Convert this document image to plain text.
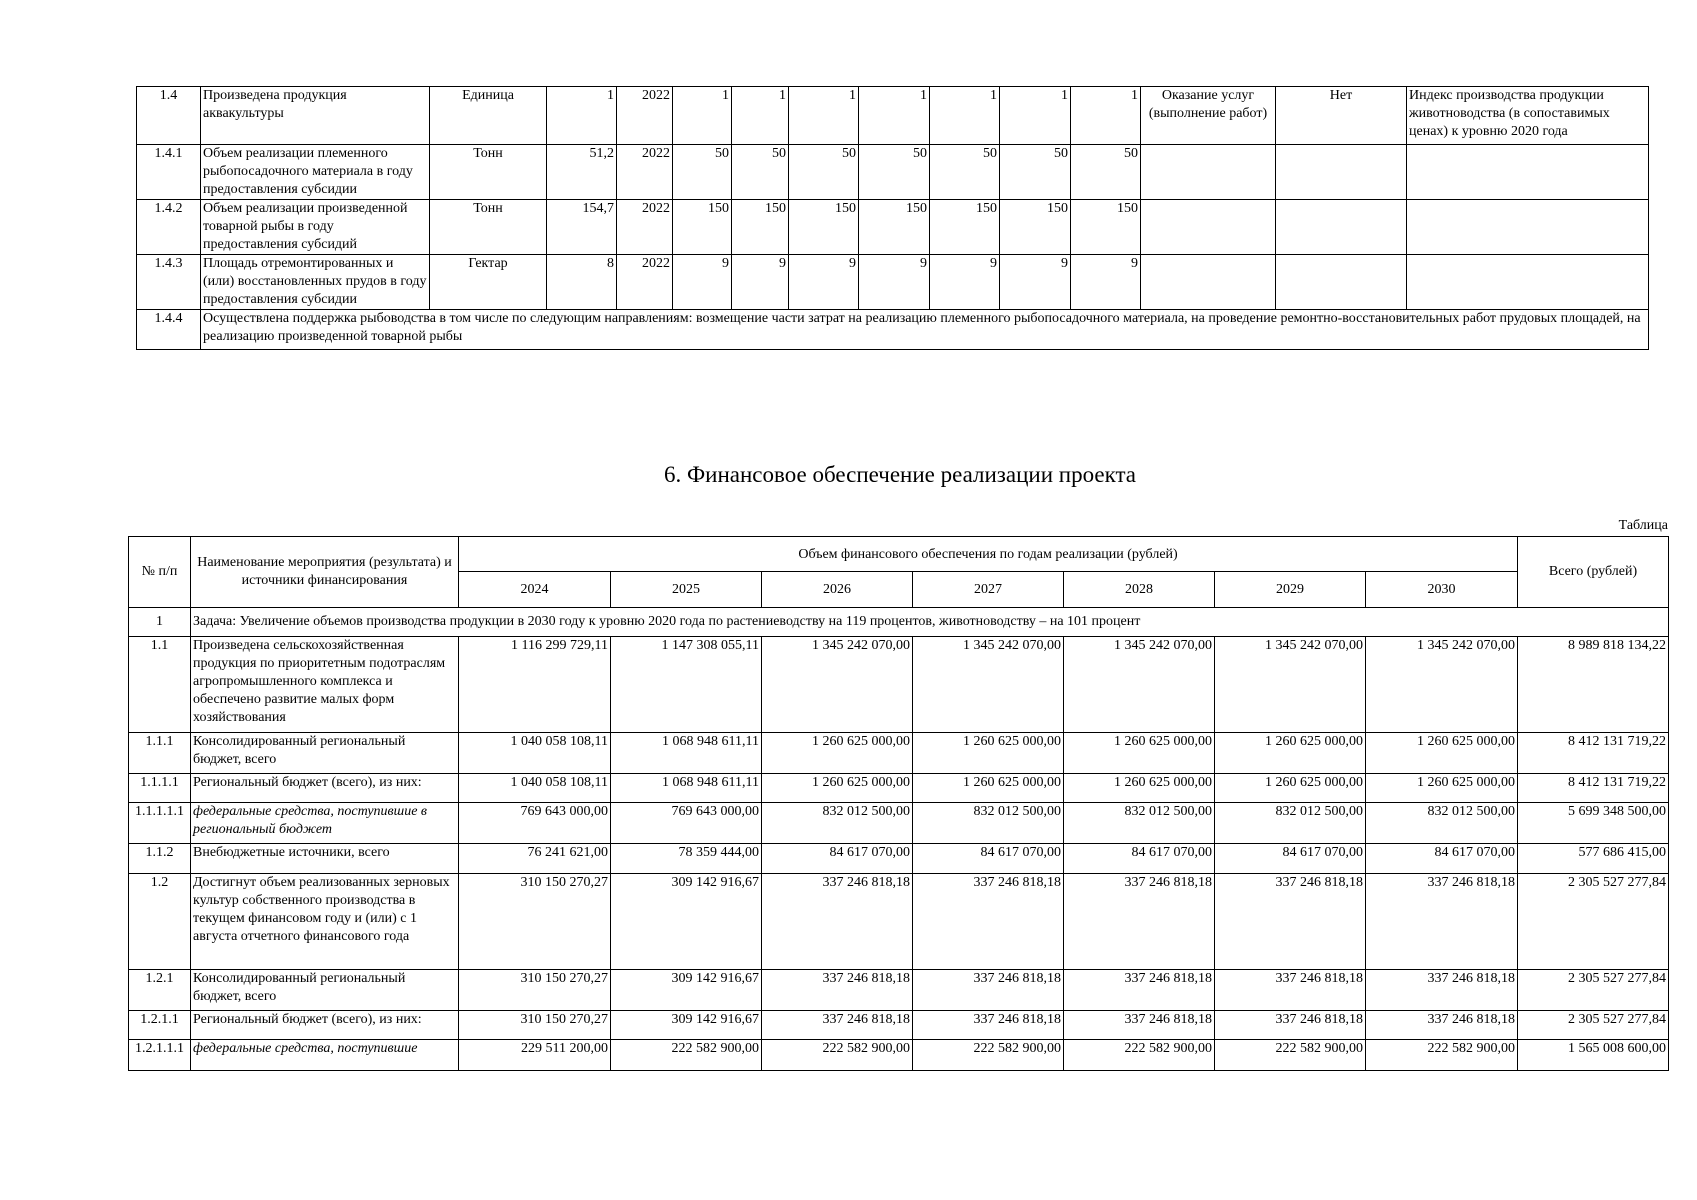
1.4	Произведена продукция аквакультуры	Единица	1	2022	1	1	1	1	1	1	1	Оказание услуг (выполнение работ)	Нет	Индекс производства продукции животноводства (в сопоставимых ценах) к уровню 2020 года
1.4.1	Объем реализации племенного рыбопосадочного материала в году предоставления субсидии	Тонн	51,2	2022	50	50	50	50	50	50	50			
1.4.2	Объем реализации произведенной товарной рыбы в году предоставления субсидий	Тонн	154,7	2022	150	150	150	150	150	150	150			
1.4.3	Площадь отремонтированных и (или) восстановленных прудов в году предоставления субсидии	Гектар	8	2022	9	9	9	9	9	9	9			
1.4.4	Осуществлена поддержка рыбоводства в том числе по следующим направлениям: возмещение части затрат на реализацию племенного рыбопосадочного материала, на проведение ремонтно-восстановительных работ прудовых площадей, на реализацию произведенной товарной рыбы													
6. Финансовое обеспечение реализации проекта
Таблица
№ п/п	Наименование мероприятия (результата) и источники финансирования	Объем финансового обеспечения по годам реализации (рублей)							Всего (рублей)
		2024	2025	2026	2027	2028	2029	2030	
1	Задача: Увеличение объемов производства продукции в 2030 году к уровню 2020 года по растениеводству на 119 процентов, животноводству – на 101 процент								
1.1	Произведена сельскохозяйственная продукция по приоритетным подотраслям агропромышленного комплекса и обеспечено развитие малых форм хозяйствования	1 116 299 729,11	1 147 308 055,11	1 345 242 070,00	1 345 242 070,00	1 345 242 070,00	1 345 242 070,00	1 345 242 070,00	8 989 818 134,22
1.1.1	Консолидированный региональный бюджет, всего	1 040 058 108,11	1 068 948 611,11	1 260 625 000,00	1 260 625 000,00	1 260 625 000,00	1 260 625 000,00	1 260 625 000,00	8 412 131 719,22
1.1.1.1	Региональный бюджет (всего), из них:	1 040 058 108,11	1 068 948 611,11	1 260 625 000,00	1 260 625 000,00	1 260 625 000,00	1 260 625 000,00	1 260 625 000,00	8 412 131 719,22
1.1.1.1.1	федеральные средства, поступившие в региональный бюджет	769 643 000,00	769 643 000,00	832 012 500,00	832 012 500,00	832 012 500,00	832 012 500,00	832 012 500,00	5 699 348 500,00
1.1.2	Внебюджетные источники, всего	76 241 621,00	78 359 444,00	84 617 070,00	84 617 070,00	84 617 070,00	84 617 070,00	84 617 070,00	577 686 415,00
1.2	Достигнут объем реализованных зерновых культур собственного производства в текущем финансовом году и (или) с 1 августа отчетного финансового года	310 150 270,27	309 142 916,67	337 246 818,18	337 246 818,18	337 246 818,18	337 246 818,18	337 246 818,18	2 305 527 277,84
1.2.1	Консолидированный региональный бюджет, всего	310 150 270,27	309 142 916,67	337 246 818,18	337 246 818,18	337 246 818,18	337 246 818,18	337 246 818,18	2 305 527 277,84
1.2.1.1	Региональный бюджет (всего), из них:	310 150 270,27	309 142 916,67	337 246 818,18	337 246 818,18	337 246 818,18	337 246 818,18	337 246 818,18	2 305 527 277,84
1.2.1.1.1	федеральные средства, поступившие	229 511 200,00	222 582 900,00	222 582 900,00	222 582 900,00	222 582 900,00	222 582 900,00	222 582 900,00	1 565 008 600,00
